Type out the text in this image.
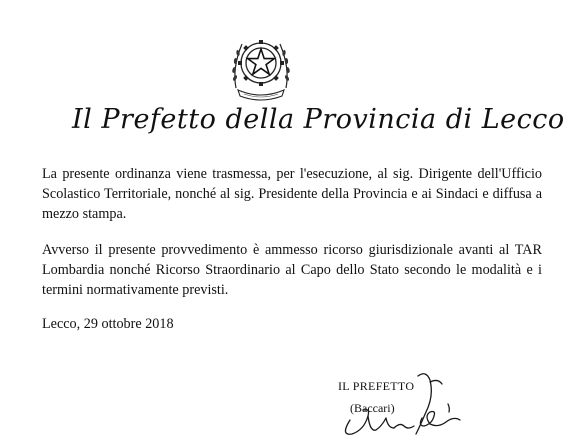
Il Prefetto della Provincia di Lecco

La presente ordinanza viene trasmessa, per l'esecuzione, al sig. Dirigente dell'Ufficio Scolastico Territoriale, nonché al sig. Presidente della Provincia e ai Sindaci e diffusa a mezzo stampa.

Avverso il presente provvedimento è ammesso ricorso giurisdizionale avanti al TAR Lombardia nonché Ricorso Straordinario al Capo dello Stato secondo le modalità e i termini normativamente previsti.

Lecco, 29 ottobre 2018
IL PREFETTO
(Baccari)
